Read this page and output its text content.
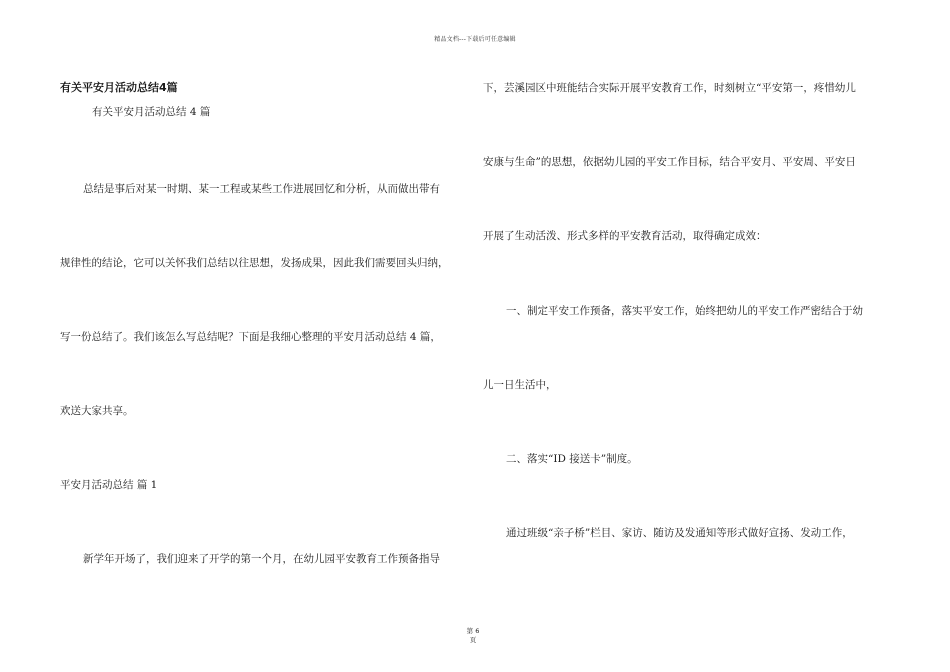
精品文档---下载后可任意编辑
有关平安月活动总结4篇
有关平安月活动总结 4 篇
总结是事后对某一时期、某一工程或某些工作进展回忆和分析，从而做出带有
规律性的结论，它可以关怀我们总结以往思想，发扬成果，因此我们需要回头归纳，
写一份总结了。我们该怎么写总结呢？下面是我细心整理的平安月活动总结 4 篇，
欢送大家共享。
平安月活动总结 篇 1
新学年开场了，我们迎来了开学的第一个月，在幼儿园平安教育工作预备指导
下，芸溪园区中班能结合实际开展平安教育工作，时刻树立“平安第一，疼惜幼儿
安康与生命”的思想，依据幼儿园的平安工作目标，结合平安月、平安周、平安日
开展了生动活泼、形式多样的平安教育活动，取得确定成效：
一、制定平安工作预备，落实平安工作，始终把幼儿的平安工作严密结合于幼
儿一日生活中，
二、落实“ID 接送卡”制度。
通过班级“亲子桥”栏目、家访、随访及发通知等形式做好宣扬、发动工作，
第 6
页
